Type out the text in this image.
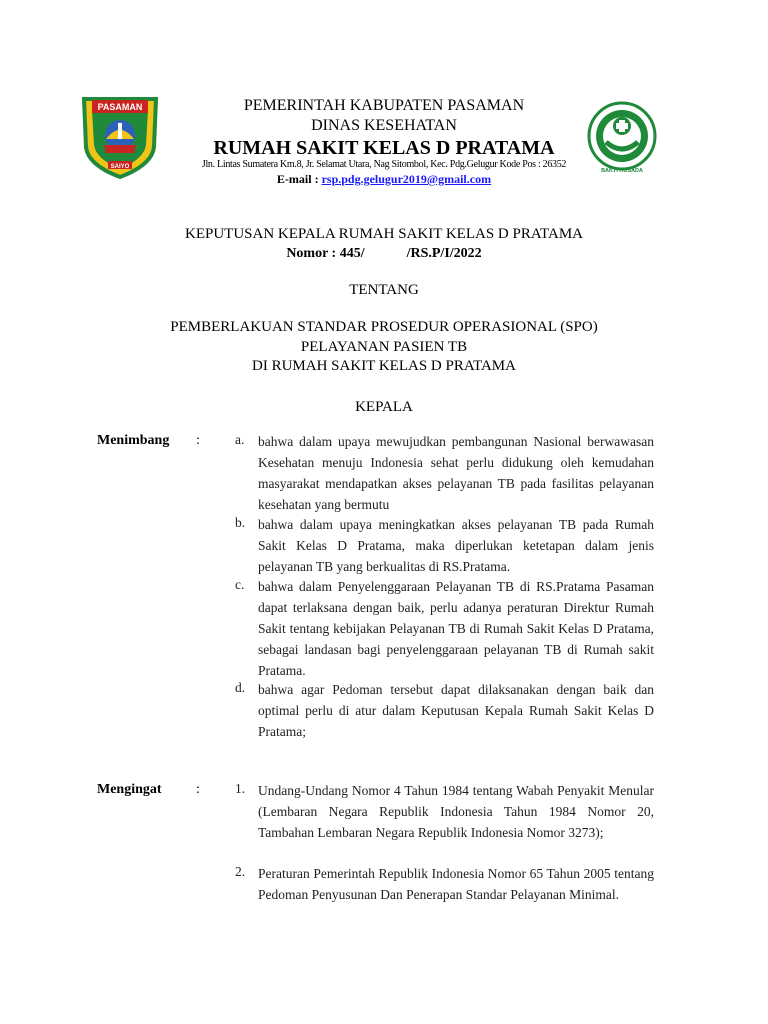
PASAMAN
SAIYO
PEMERINTAH KABUPATEN PASAMAN
DINAS KESEHATAN
RUMAH SAKIT KELAS D PRATAMA
Jln. Lintas Sumatera Km.8, Jr. Selamat Utara, Nag Sitombol, Kec. Pdg.Gelugur Kode Pos : 26352
E-mail : rsp.pdg.gelugur2019@gmail.com
BAKTI HUSADA
KEPUTUSAN KEPALA RUMAH SAKIT KELAS D PRATAMA
Nomor : 445/            /RS.P/I/2022
TENTANG
PEMBERLAKUAN STANDAR PROSEDUR OPERASIONAL (SPO)
PELAYANAN PASIEN TB
DI RUMAH SAKIT KELAS D PRATAMA
KEPALA
Menimbang :	a. bahwa dalam upaya mewujudkan pembangunan Nasional berwawasan Kesehatan menuju Indonesia sehat perlu didukung oleh kemudahan masyarakat mendapatkan akses pelayanan TB pada fasilitas pelayanan kesehatan yang bermutu
b. bahwa dalam upaya meningkatkan akses pelayanan TB pada Rumah Sakit Kelas D Pratama, maka diperlukan ketetapan dalam jenis pelayanan TB yang berkualitas di RS.Pratama.
c. bahwa dalam Penyelenggaraan Pelayanan TB di RS.Pratama Pasaman dapat terlaksana dengan baik, perlu adanya peraturan Direktur Rumah Sakit tentang kebijakan Pelayanan TB di Rumah Sakit Kelas D Pratama, sebagai landasan bagi penyelenggaraan pelayanan TB di Rumah sakit Pratama.
d. bahwa agar Pedoman tersebut dapat dilaksanakan dengan baik dan optimal perlu di atur dalam Keputusan Kepala Rumah Sakit Kelas D Pratama;
Mengingat :	1. Undang-Undang Nomor 4 Tahun 1984 tentang Wabah Penyakit Menular (Lembaran Negara Republik Indonesia Tahun 1984 Nomor 20, Tambahan Lembaran Negara Republik Indonesia Nomor 3273);
2. Peraturan Pemerintah Republik Indonesia Nomor 65 Tahun 2005 tentang Pedoman Penyusunan Dan Penerapan Standar Pelayanan Minimal.
